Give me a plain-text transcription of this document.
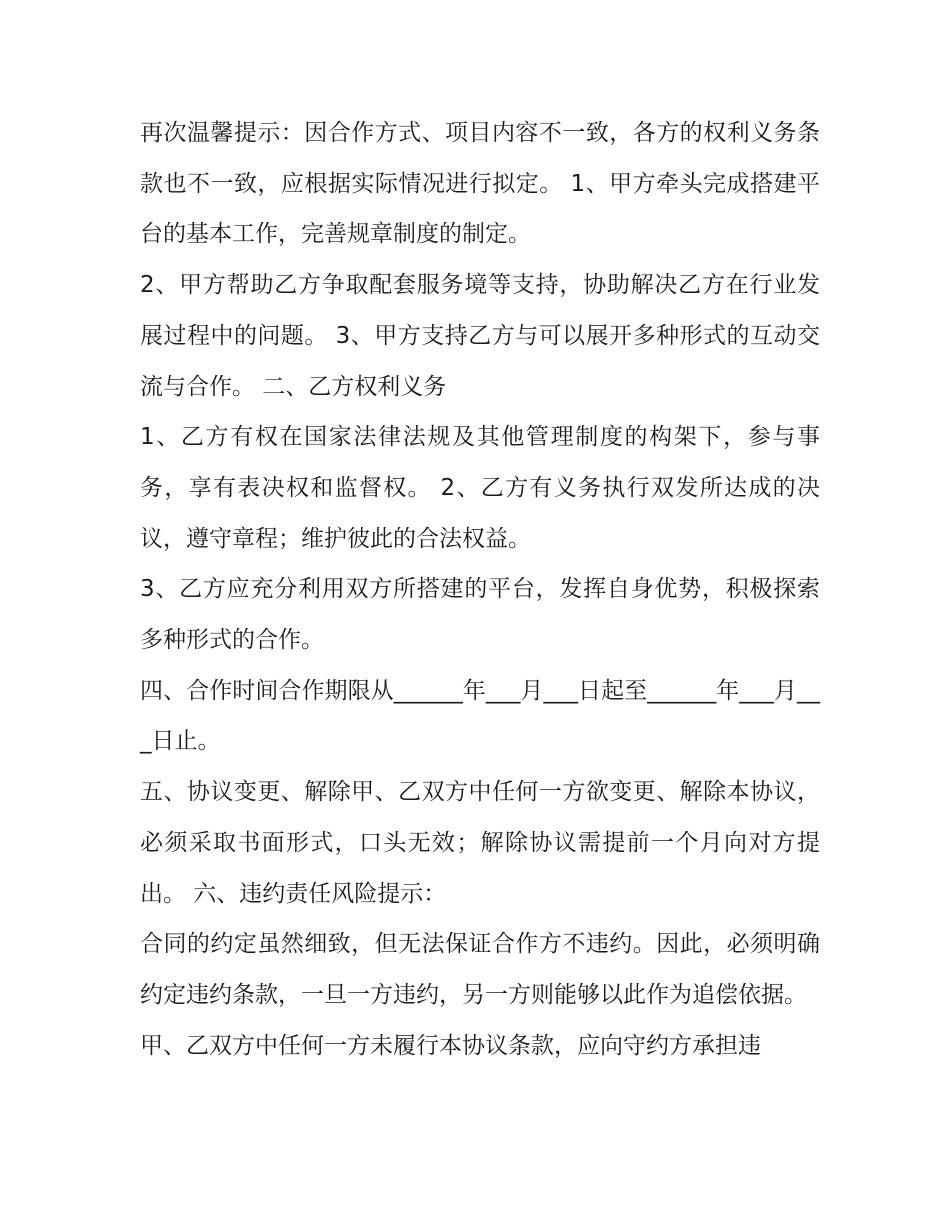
再次温馨提示：因合作方式、项目内容不一致，各方的权利义务条款也不一致，应根据实际情况进行拟定。 1、甲方牵头完成搭建平台的基本工作，完善规章制度的制定。

2、甲方帮助乙方争取配套服务境等支持，协助解决乙方在行业发展过程中的问题。 3、甲方支持乙方与可以展开多种形式的互动交流与合作。 二、乙方权利义务

1、乙方有权在国家法律法规及其他管理制度的构架下，参与事务，享有表决权和监督权。 2、乙方有义务执行双发所达成的决议，遵守章程；维护彼此的合法权益。

3、乙方应充分利用双方所搭建的平台，发挥自身优势，积极探索多种形式的合作。

四、合作时间合作期限从______年___月___日起至______年___月___日止。

五、协议变更、解除甲、乙双方中任何一方欲变更、解除本协议，必须采取书面形式，口头无效；解除协议需提前一个月向对方提出。 六、违约责任风险提示：

合同的约定虽然细致，但无法保证合作方不违约。因此，必须明确约定违约条款，一旦一方违约，另一方则能够以此作为追偿依据。

甲、乙双方中任何一方未履行本协议条款，应向守约方承担违
